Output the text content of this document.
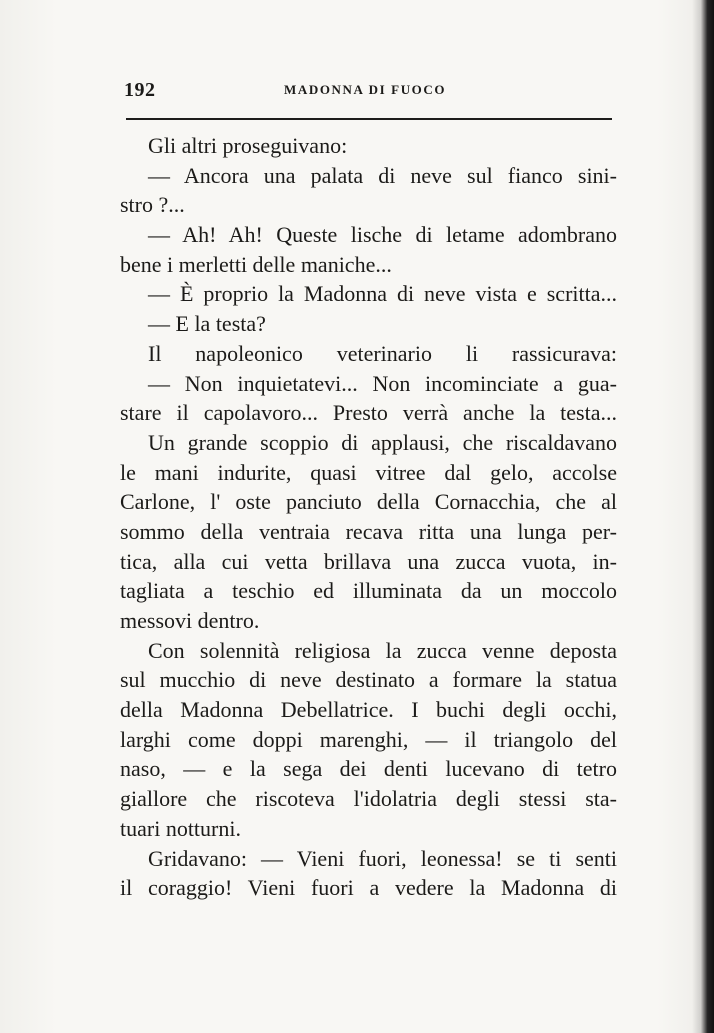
192	MADONNA DI FUOCO
Gli altri proseguivano:
— Ancora una palata di neve sul fianco sini-
stro ?...
— Ah! Ah! Queste lische di letame adombrano
bene i merletti delle maniche...
— È proprio la Madonna di neve vista e scritta...
— E la testa?
Il napoleonico veterinario li rassicurava:
— Non inquietatevi... Non incominciate a gua-
stare il capolavoro... Presto verrà anche la testa...
Un grande scoppio di applausi, che riscaldavano
le mani indurite, quasi vitree dal gelo, accolse
Carlone, l' oste panciuto della Cornacchia, che al
sommo della ventraia recava ritta una lunga per-
tica, alla cui vetta brillava una zucca vuota, in-
tagliata a teschio ed illuminata da un moccolo
messovi dentro.
Con solennità religiosa la zucca venne deposta
sul mucchio di neve destinato a formare la statua
della Madonna Debellatrice. I buchi degli occhi,
larghi come doppi marenghi, — il triangolo del
naso, — e la sega dei denti lucevano di tetro
giallore che riscoteva l'idolatria degli stessi sta-
tuari notturni.
Gridavano: — Vieni fuori, leonessa! se ti senti
il coraggio! Vieni fuori a vedere la Madonna di
